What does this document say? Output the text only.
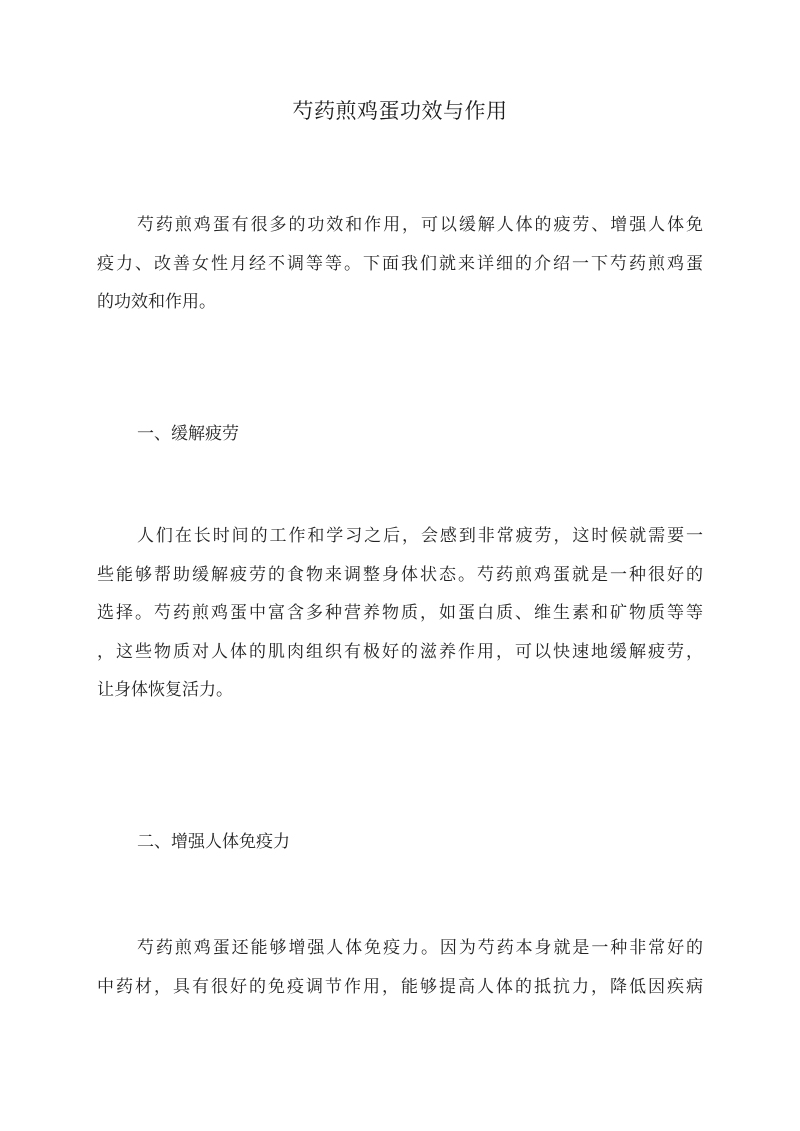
芍药煎鸡蛋功效与作用
芍药煎鸡蛋有很多的功效和作用，可以缓解人体的疲劳、增强人体免
疫力、改善女性月经不调等等。下面我们就来详细的介绍一下芍药煎鸡蛋
的功效和作用。
一、缓解疲劳
人们在长时间的工作和学习之后，会感到非常疲劳，这时候就需要一
些能够帮助缓解疲劳的食物来调整身体状态。芍药煎鸡蛋就是一种很好的
选择。芍药煎鸡蛋中富含多种营养物质，如蛋白质、维生素和矿物质等等
，这些物质对人体的肌肉组织有极好的滋养作用，可以快速地缓解疲劳，
让身体恢复活力。
二、增强人体免疫力
芍药煎鸡蛋还能够增强人体免疫力。因为芍药本身就是一种非常好的
中药材，具有很好的免疫调节作用，能够提高人体的抵抗力，降低因疾病
